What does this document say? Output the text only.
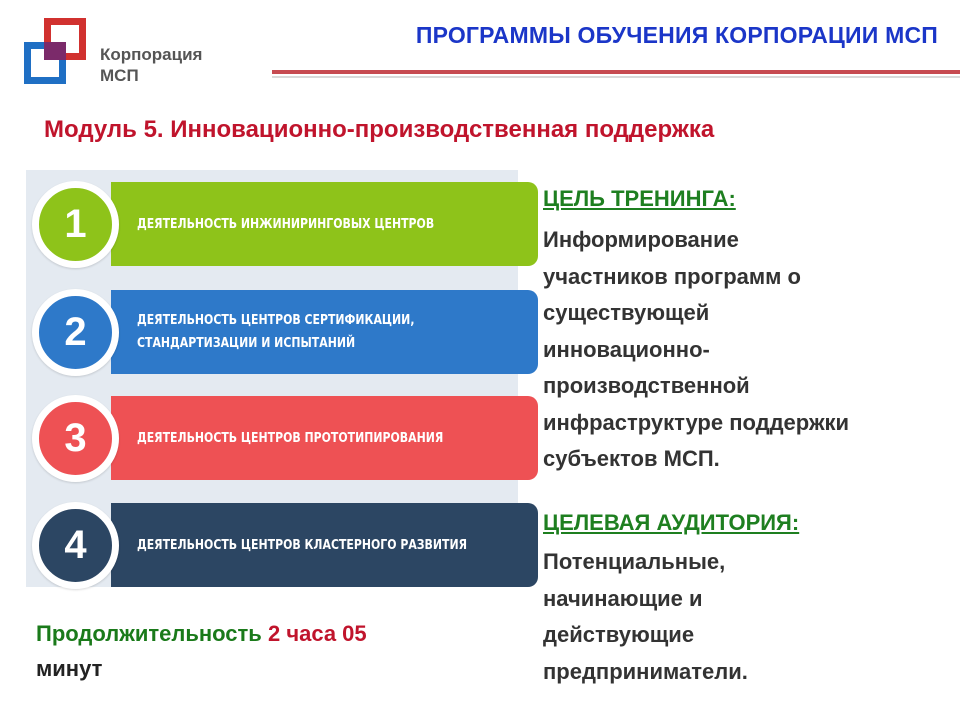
Корпорация
МСП
ПРОГРАММЫ ОБУЧЕНИЯ КОРПОРАЦИИ МСП
Модуль 5. Инновационно-производственная поддержка
ДЕЯТЕЛЬНОСТЬ ИНЖИНИРИНГОВЫХ ЦЕНТРОВ
1
ДЕЯТЕЛЬНОСТЬ ЦЕНТРОВ СЕРТИФИКАЦИИ,
СТАНДАРТИЗАЦИИ И ИСПЫТАНИЙ
2
ДЕЯТЕЛЬНОСТЬ ЦЕНТРОВ ПРОТОТИПИРОВАНИЯ
3
ДЕЯТЕЛЬНОСТЬ ЦЕНТРОВ КЛАСТЕРНОГО РАЗВИТИЯ
4
ЦЕЛЬ ТРЕНИНГА:
Информирование
участников программ о
существующей
инновационно-
производственной
инфраструктуре поддержки
субъектов МСП.
ЦЕЛЕВАЯ АУДИТОРИЯ:
Потенциальные,
начинающие и
действующие
предприниматели.
Продолжительность 2 часа 05
минут
